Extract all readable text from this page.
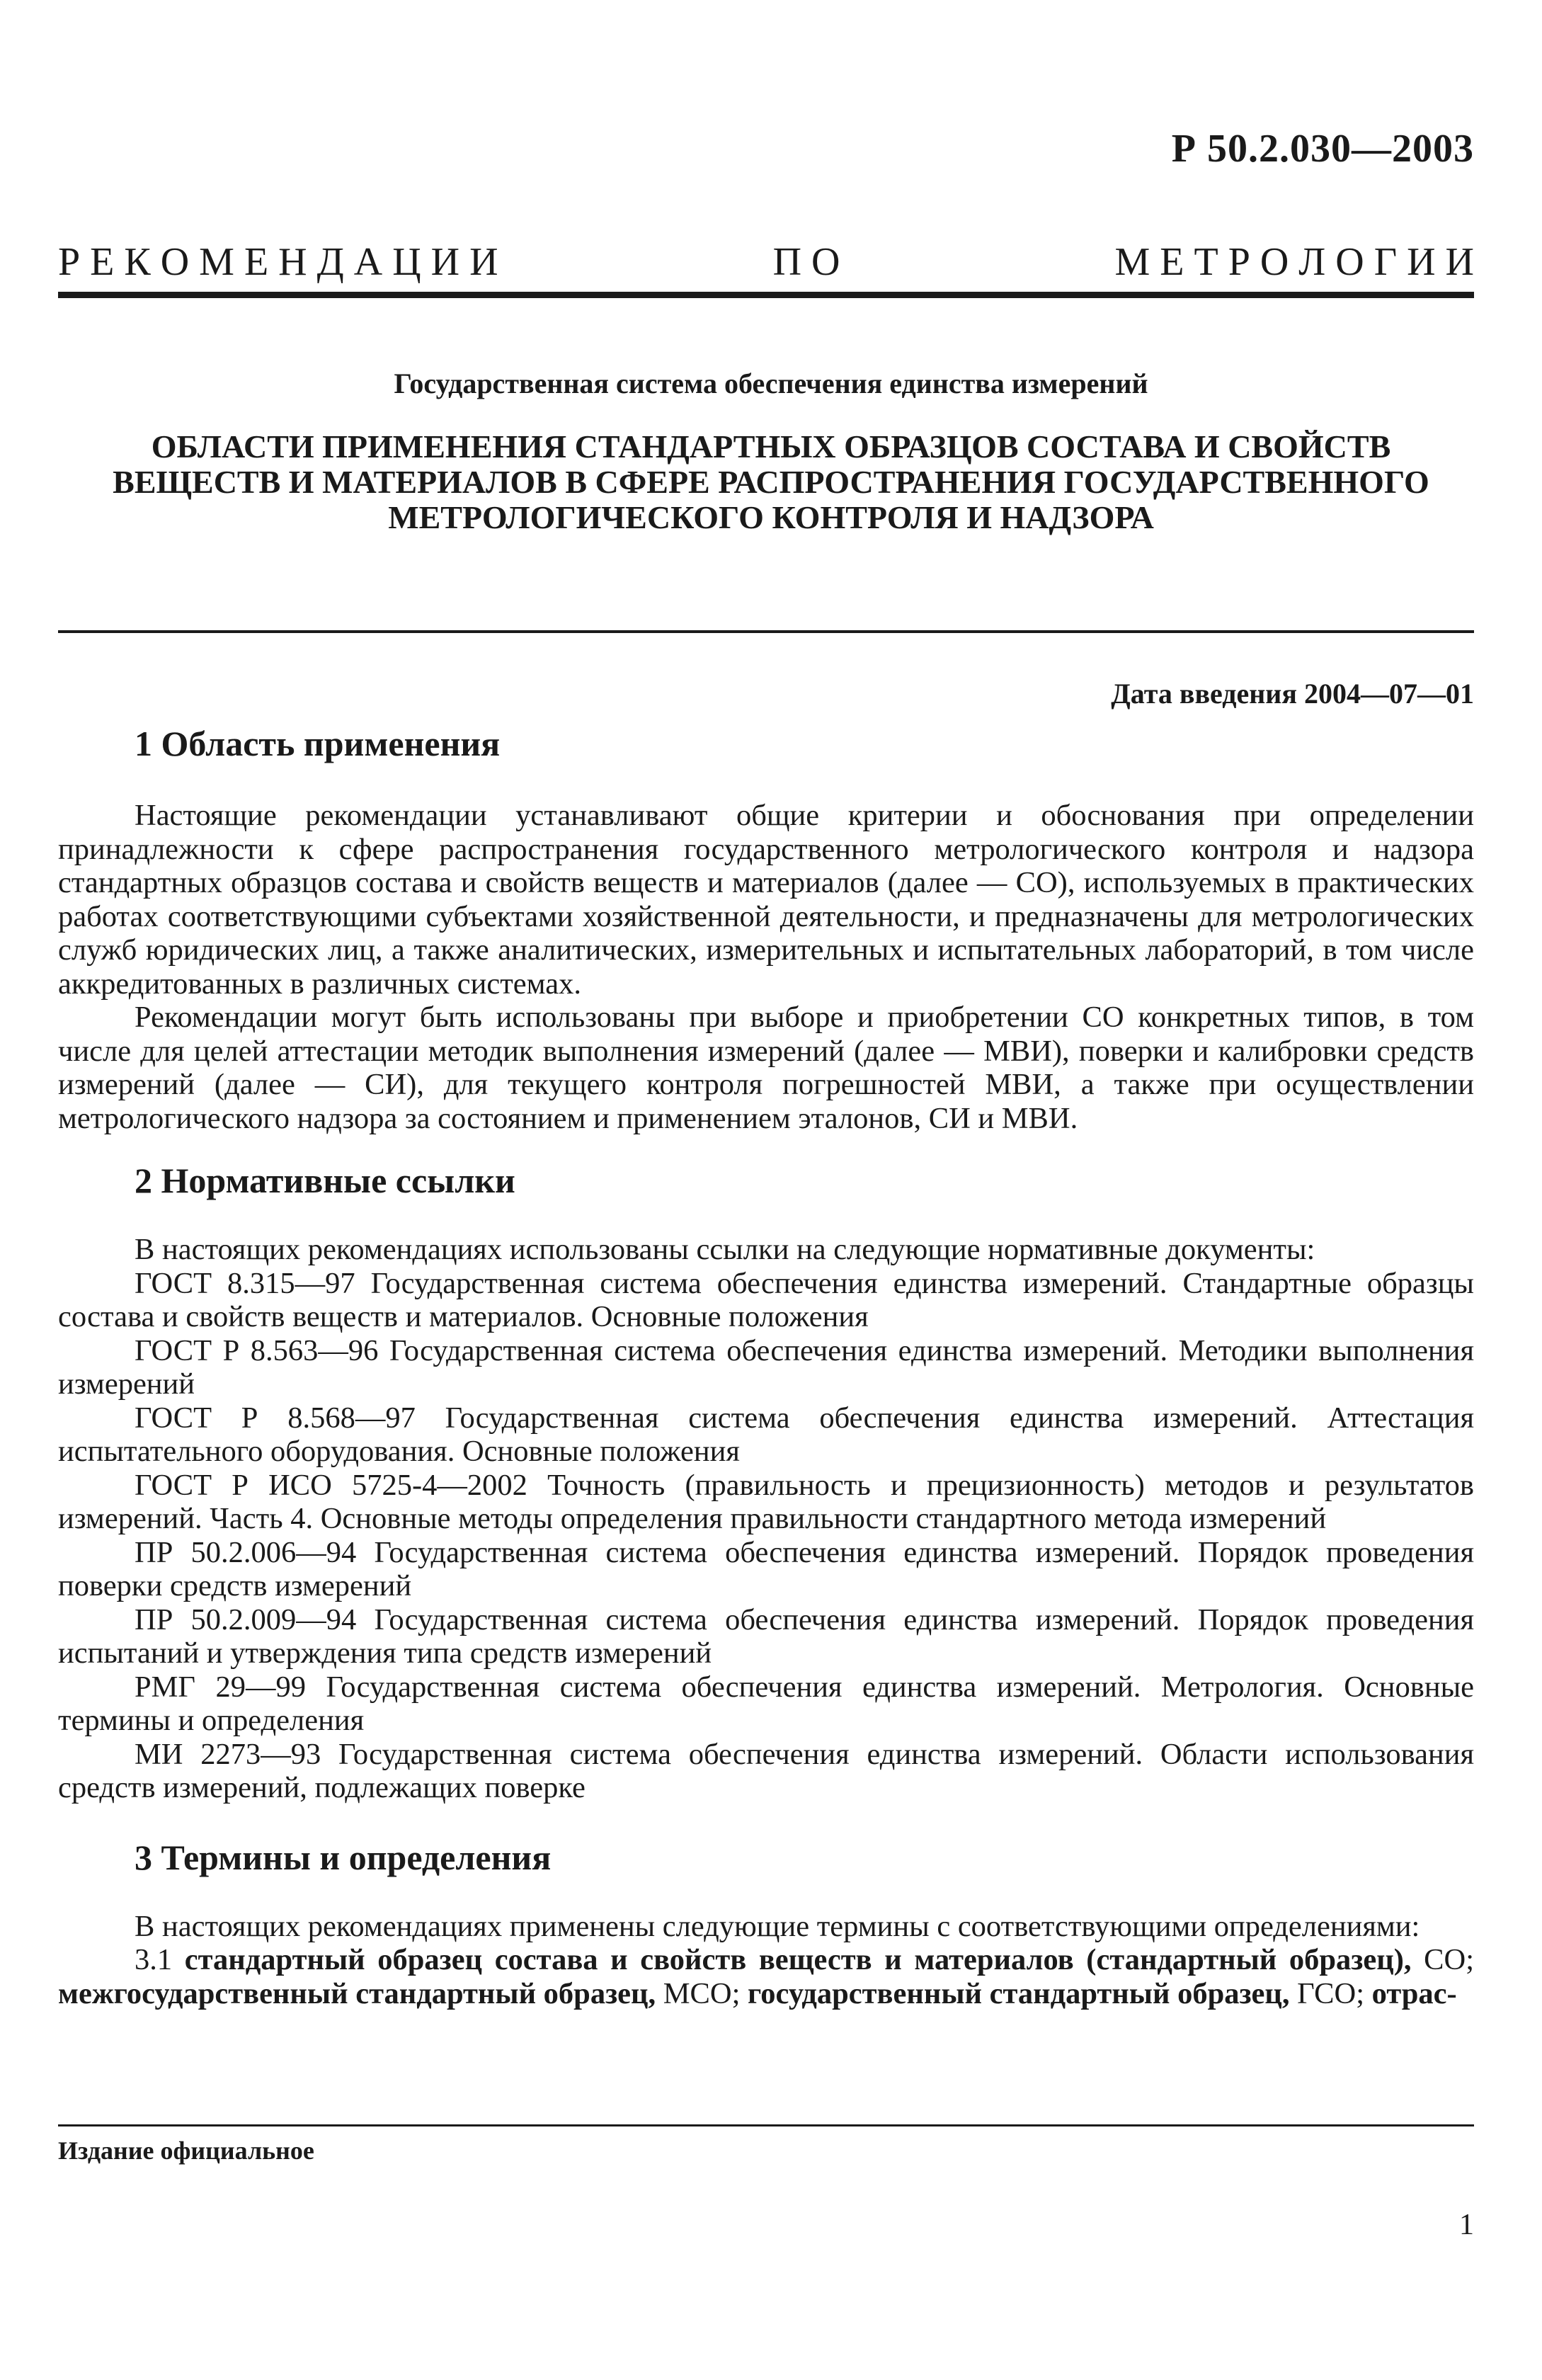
Р 50.2.030—2003
Р Е К О М Е Н Д А Ц И И	П О	М Е Т Р О Л О Г И И
Государственная система обеспечения единства измерений
ОБЛАСТИ ПРИМЕНЕНИЯ СТАНДАРТНЫХ ОБРАЗЦОВ СОСТАВА И СВОЙСТВ
ВЕЩЕСТВ И МАТЕРИАЛОВ В СФЕРЕ РАСПРОСТРАНЕНИЯ ГОСУДАРСТВЕННОГО
МЕТРОЛОГИЧЕСКОГО КОНТРОЛЯ И НАДЗОРА
Дата введения 2004—07—01
1 Область применения

Настоящие рекомендации устанавливают общие критерии и обоснования при определении принадлежности к сфере распространения государственного метрологического контроля и надзора стандартных образцов состава и свойств веществ и материалов (далее — СО), используемых в практических работах соответствующими субъектами хозяйственной деятельности, и предназначены для метрологических служб юридических лиц, а также аналитических, измерительных и испытательных лабораторий, в том числе аккредитованных в различных системах.

Рекомендации могут быть использованы при выборе и приобретении СО конкретных типов, в том числе для целей аттестации методик выполнения измерений (далее — МВИ), поверки и калибровки средств измерений (далее — СИ), для текущего контроля погрешностей МВИ, а также при осуществлении метрологического надзора за состоянием и применением эталонов, СИ и МВИ.

2 Нормативные ссылки

В настоящих рекомендациях использованы ссылки на следующие нормативные документы:

ГОСТ 8.315—97 Государственная система обеспечения единства измерений. Стандартные образцы состава и свойств веществ и материалов. Основные положения

ГОСТ Р 8.563—96 Государственная система обеспечения единства измерений. Методики выполнения измерений

ГОСТ Р 8.568—97 Государственная система обеспечения единства измерений. Аттестация испытательного оборудования. Основные положения

ГОСТ Р ИСО 5725-4—2002 Точность (правильность и прецизионность) методов и результатов измерений. Часть 4. Основные методы определения правильности стандартного метода измерений

ПР 50.2.006—94 Государственная система обеспечения единства измерений. Порядок проведения поверки средств измерений

ПР 50.2.009—94 Государственная система обеспечения единства измерений. Порядок проведения испытаний и утверждения типа средств измерений

РМГ 29—99 Государственная система обеспечения единства измерений. Метрология. Основные термины и определения

МИ 2273—93 Государственная система обеспечения единства измерений. Области использования средств измерений, подлежащих поверке

3 Термины и определения

В настоящих рекомендациях применены следующие термины с соответствующими определениями:

3.1 стандартный образец состава и свойств веществ и материалов (стандартный образец), СО; межгосударственный стандартный образец, МСО; государственный стандартный образец, ГСО; отрас-

Издание официальное
1
